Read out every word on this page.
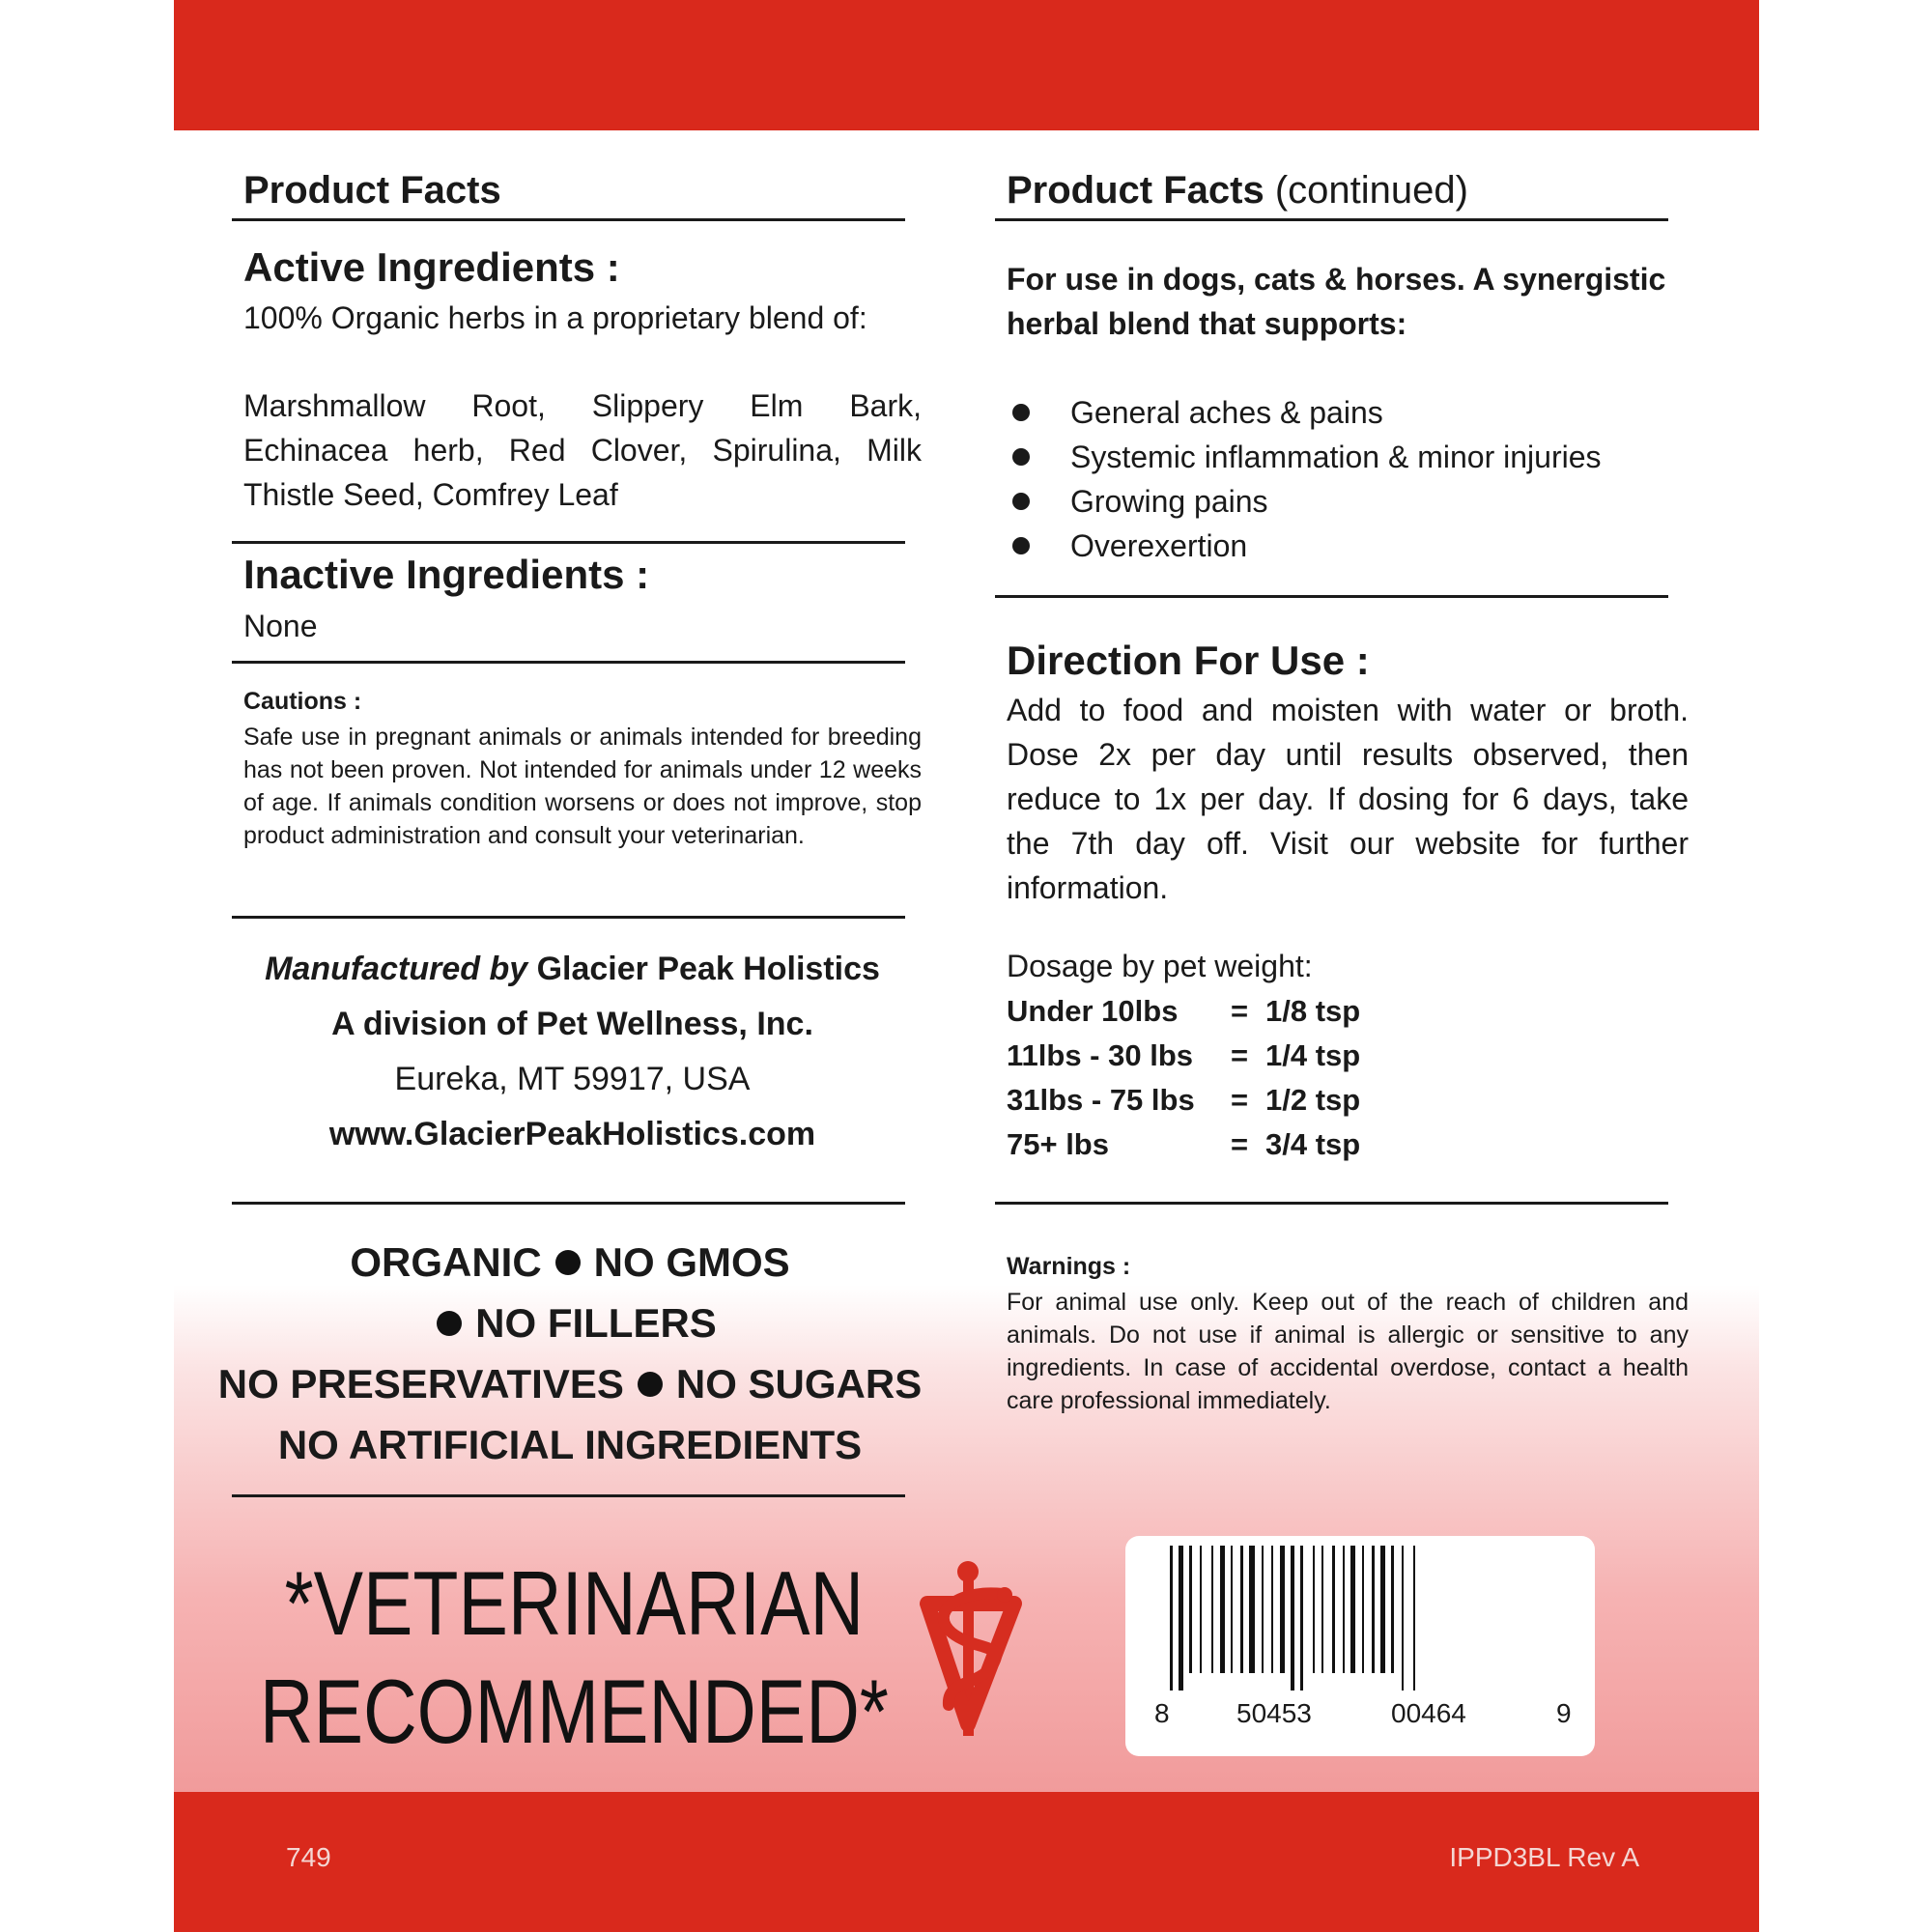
Product Facts
Active Ingredients :
100% Organic herbs in a proprietary blend of:
Marshmallow Root, Slippery Elm Bark, Echinacea herb, Red Clover, Spirulina, Milk Thistle Seed, Comfrey Leaf
Inactive Ingredients :
None
Cautions :
Safe use in pregnant animals or animals intended for breeding has not been proven. Not intended for animals under 12 weeks of age. If animals condition worsens or does not improve, stop product administration and consult your veterinarian.
Manufactured by Glacier Peak Holistics
A division of Pet Wellness, Inc.
Eureka, MT 59917, USA
www.GlacierPeakHolistics.com
ORGANIC NO GMOS
NO FILLERS
NO PRESERVATIVES NO SUGARS
NO ARTIFICIAL INGREDIENTS
*VETERINARIAN
RECOMMENDED*
Product Facts (continued)
For use in dogs, cats & horses. A synergistic herbal blend that supports:
General aches & pains
Systemic inflammation & minor injuries
Growing pains
Overexertion
Direction For Use :
Add to food and moisten with water or broth. Dose 2x per day until results observed, then reduce to 1x per day. If dosing for 6 days, take the 7th day off. Visit our website for further information.
Dosage by pet weight:
Under 10lbs	=	1/8 tsp
11lbs - 30 lbs	=	1/4 tsp
31lbs - 75 lbs	=	1/2 tsp
75+ lbs	=	3/4 tsp
Warnings :
For animal use only. Keep out of the reach of children and animals. Do not use if animal is allergic or sensitive to any ingredients. In case of accidental overdose, contact a health care professional immediately.
8 50453	00464	9
749	IPPD3BL Rev A
